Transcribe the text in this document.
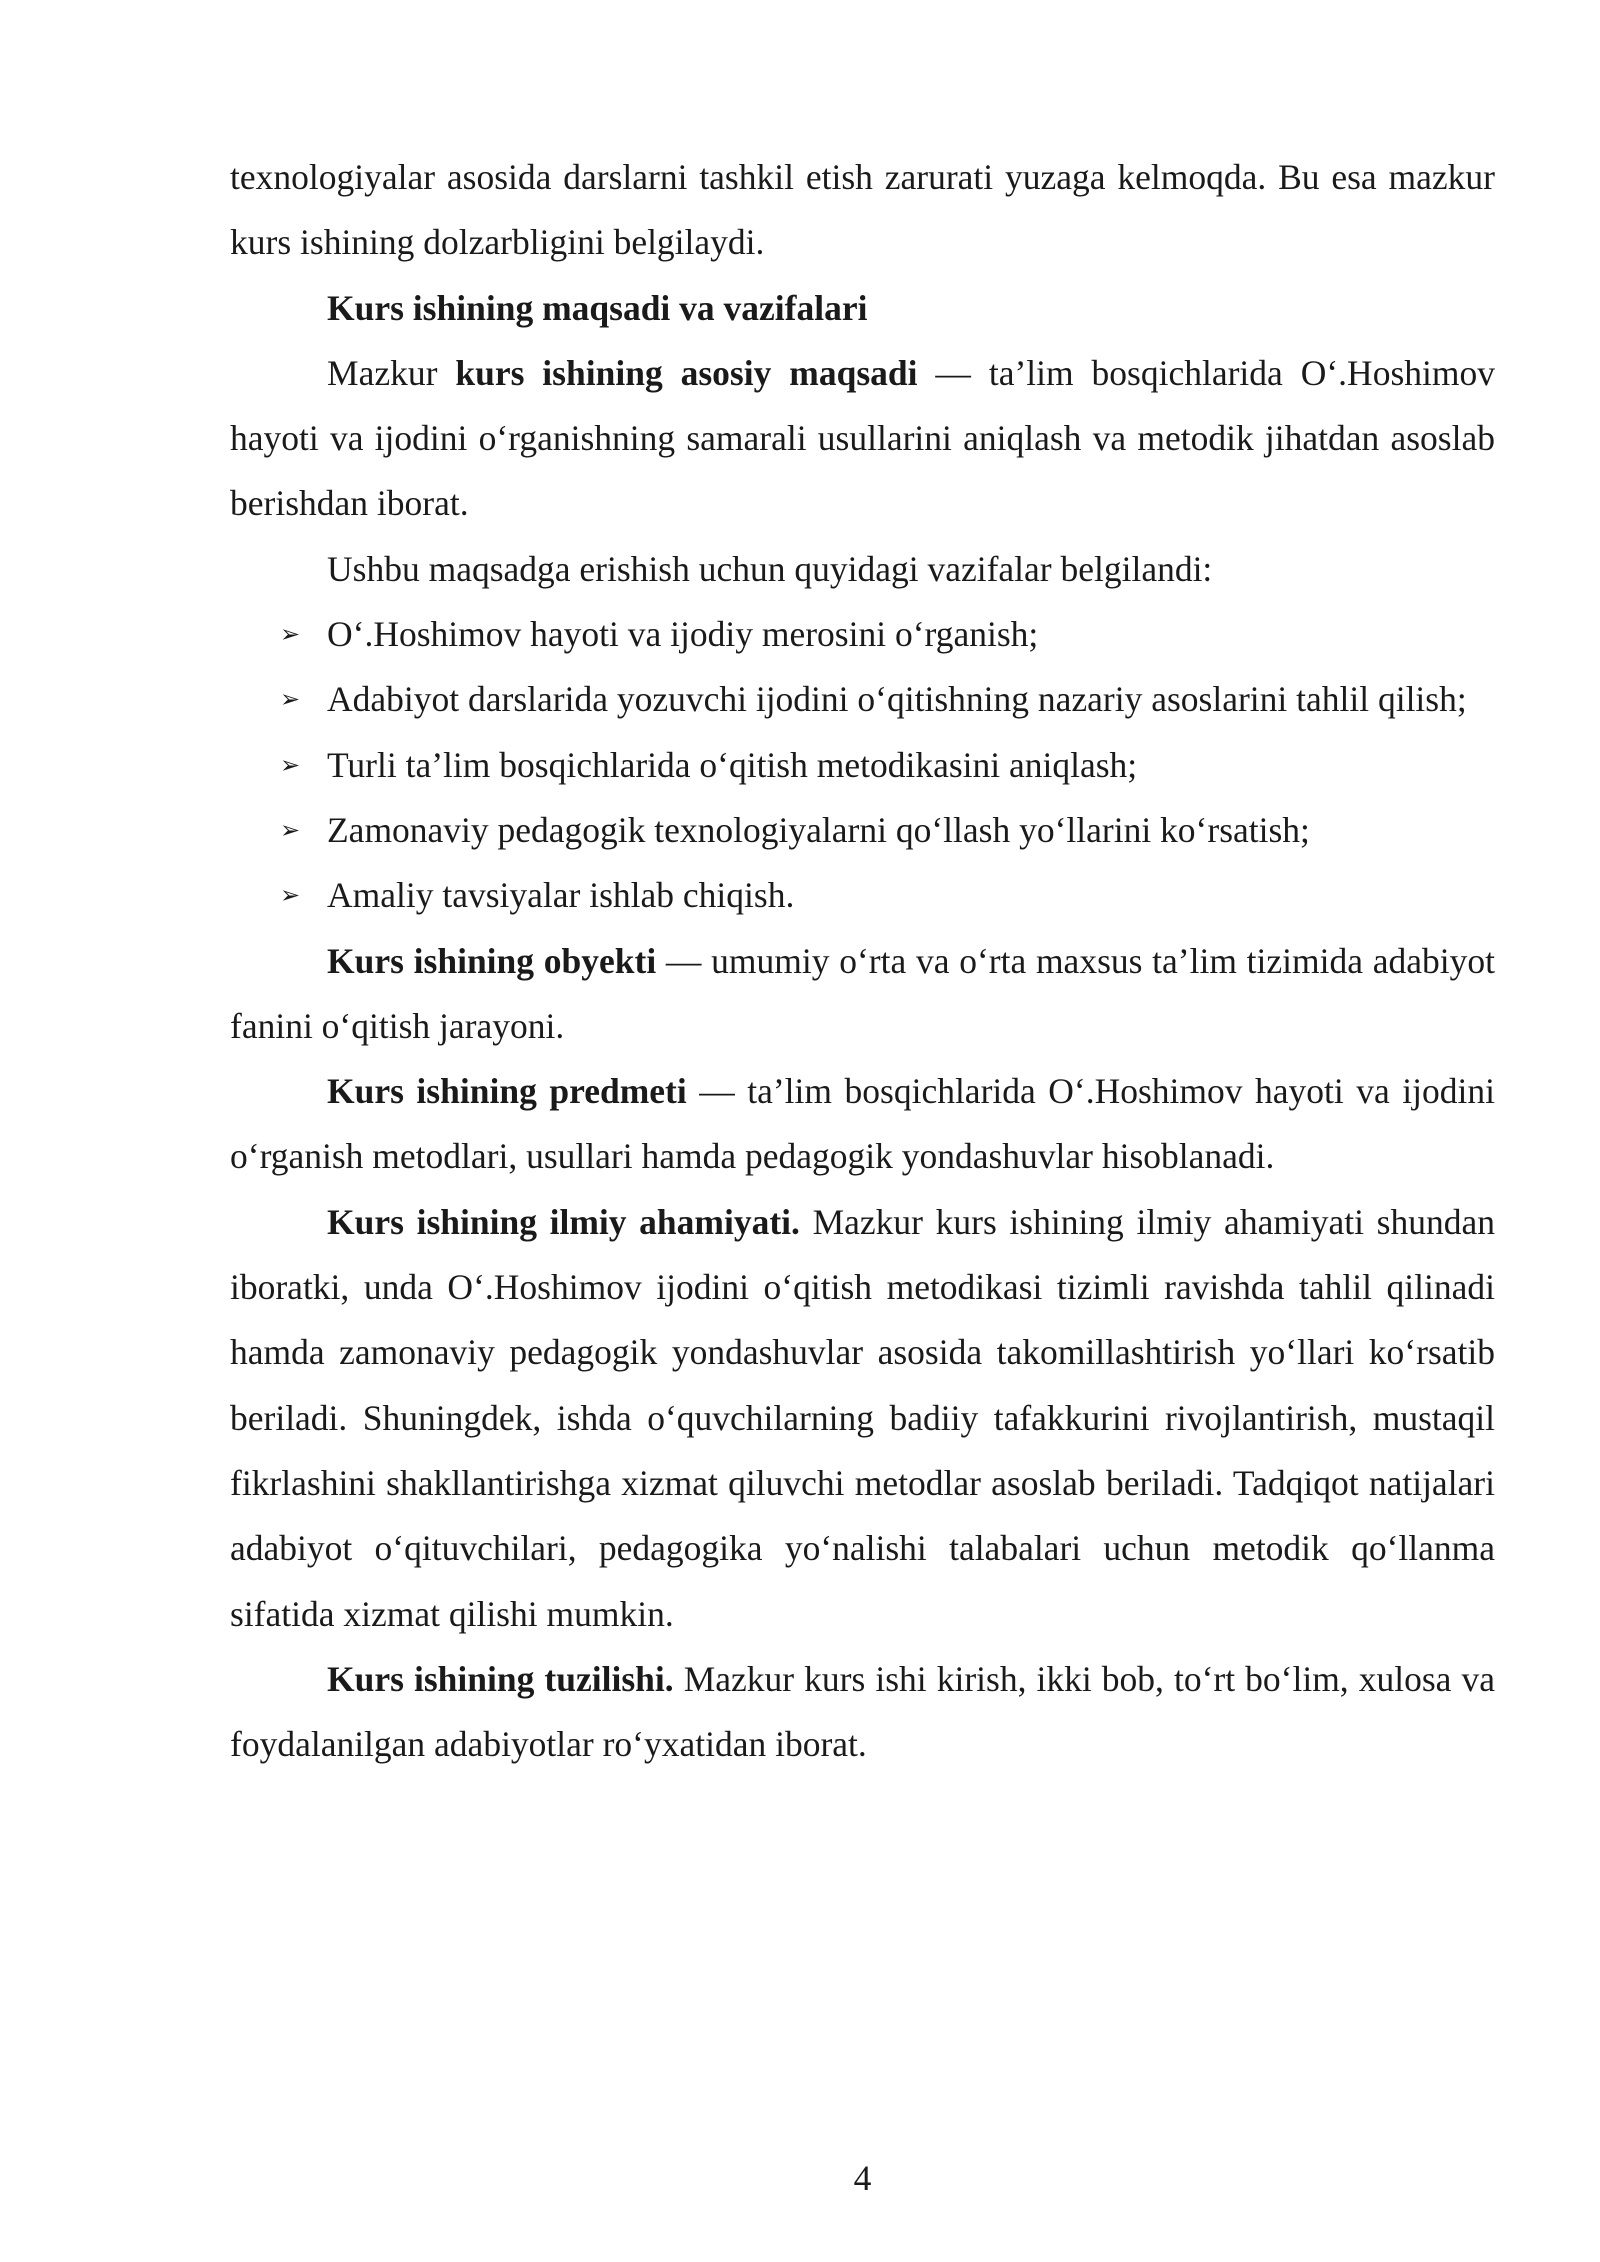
texnologiyalar asosida darslarni tashkil etish zarurati yuzaga kelmoqda. Bu esa mazkur kurs ishining dolzarbligini belgilaydi.

Kurs ishining maqsadi va vazifalari

Mazkur kurs ishining asosiy maqsadi — ta’lim bosqichlarida O‘.Hoshimov hayoti va ijodini o‘rganishning samarali usullarini aniqlash va metodik jihatdan asoslab berishdan iborat.

Ushbu maqsadga erishish uchun quyidagi vazifalar belgilandi:

➢ O‘.Hoshimov hayoti va ijodiy merosini o‘rganish;
➢ Adabiyot darslarida yozuvchi ijodini o‘qitishning nazariy asoslarini tahlil qilish;
➢ Turli ta’lim bosqichlarida o‘qitish metodikasini aniqlash;
➢ Zamonaviy pedagogik texnologiyalarni qo‘llash yo‘llarini ko‘rsatish;
➢ Amaliy tavsiyalar ishlab chiqish.

Kurs ishining obyekti — umumiy o‘rta va o‘rta maxsus ta’lim tizimida adabiyot fanini o‘qitish jarayoni.

Kurs ishining predmeti — ta’lim bosqichlarida O‘.Hoshimov hayoti va ijodini o‘rganish metodlari, usullari hamda pedagogik yondashuvlar hisoblanadi.

Kurs ishining ilmiy ahamiyati. Mazkur kurs ishining ilmiy ahamiyati shundan iboratki, unda O‘.Hoshimov ijodini o‘qitish metodikasi tizimli ravishda tahlil qilinadi hamda zamonaviy pedagogik yondashuvlar asosida takomillashtirish yo‘llari ko‘rsatib beriladi. Shuningdek, ishda o‘quvchilarning badiiy tafakkurini rivojlantirish, mustaqil fikrlashini shakllantirishga xizmat qiluvchi metodlar asoslab beriladi. Tadqiqot natijalari adabiyot o‘qituvchilari, pedagogika yo‘nalishi talabalari uchun metodik qo‘llanma sifatida xizmat qilishi mumkin.

Kurs ishining tuzilishi. Mazkur kurs ishi kirish, ikki bob, to‘rt bo‘lim, xulosa va foydalanilgan adabiyotlar ro‘yxatidan iborat.

4
